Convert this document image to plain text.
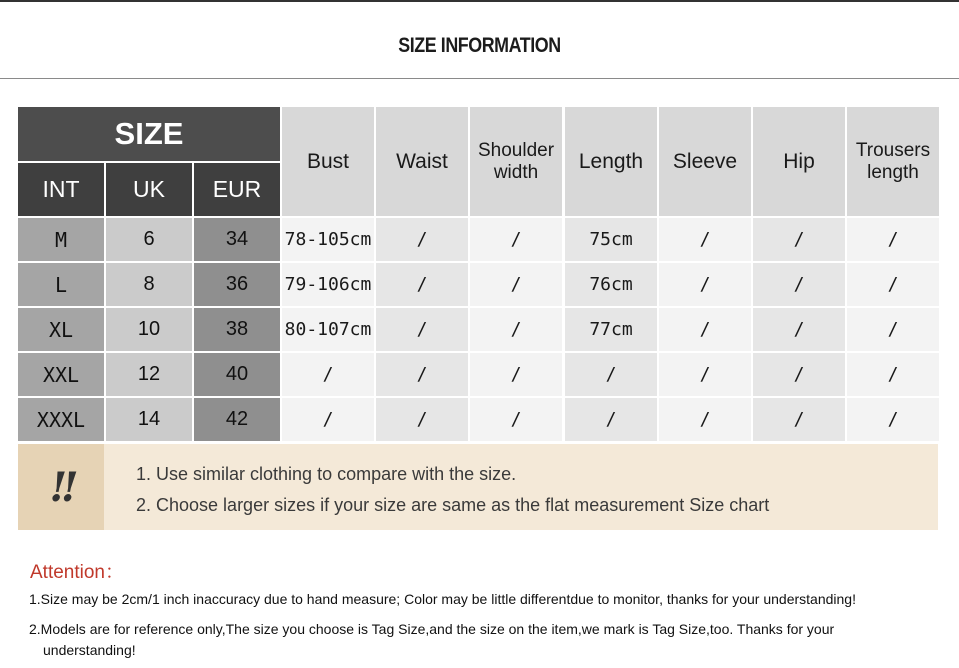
SIZE INFORMATION
SIZE
INT	UK	EUR
Bust	Waist	Shoulder width	Length	Sleeve	Hip	Trousers length
M	6	34	78-105cm	/	/	75cm	/	/	/
L	8	36	79-106cm	/	/	76cm	/	/	/
XL	10	38	80-107cm	/	/	77cm	/	/	/
XXL	12	40	/	/	/	/	/	/	/
XXXL	14	42	/	/	/	/	/	/	/
!!	1. Use similar clothing to compare with the size.
2. Choose larger sizes if your size are same as the flat measurement Size chart
Attention：
1.Size may be 2cm/1 inch inaccuracy due to hand measure; Color may be little differentdue to monitor, thanks for your understanding!
2.Models are for reference only,The size you choose is Tag Size,and the size on the item,we mark is Tag Size,too. Thanks for your
understanding!
